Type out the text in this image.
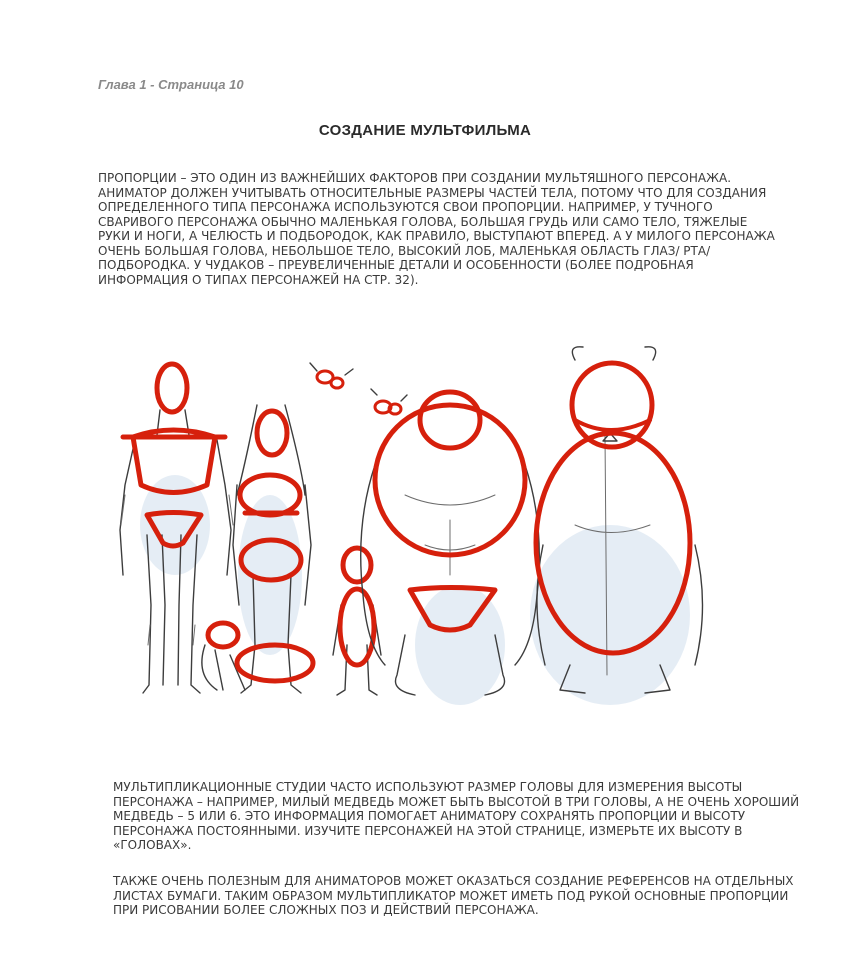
Глава 1 - Страница 10
СОЗДАНИЕ МУЛЬТФИЛЬМА
ПРОПОРЦИИ – ЭТО ОДИН ИЗ ВАЖНЕЙШИХ ФАКТОРОВ ПРИ СОЗДАНИИ МУЛЬТЯШНОГО ПЕРСОНАЖА. АНИМАТОР ДОЛЖЕН УЧИТЫВАТЬ ОТНОСИТЕЛЬНЫЕ РАЗМЕРЫ ЧАСТЕЙ ТЕЛА, ПОТОМУ ЧТО ДЛЯ СОЗДАНИЯ ОПРЕДЕЛЕННОГО ТИПА ПЕРСОНАЖА ИСПОЛЬЗУЮТСЯ СВОИ ПРОПОРЦИИ. НАПРИМЕР, У ТУЧНОГО СВАРИВОГО ПЕРСОНАЖА ОБЫЧНО МАЛЕНЬКАЯ ГОЛОВА, БОЛЬШАЯ ГРУДЬ ИЛИ САМО ТЕЛО, ТЯЖЕЛЫЕ РУКИ И НОГИ, А ЧЕЛЮСТЬ И ПОДБОРОДОК, КАК ПРАВИЛО, ВЫСТУПАЮТ ВПЕРЕД. А У МИЛОГО ПЕРСОНАЖА ОЧЕНЬ БОЛЬШАЯ ГОЛОВА, НЕБОЛЬШОЕ ТЕЛО, ВЫСОКИЙ ЛОБ, МАЛЕНЬКАЯ ОБЛАСТЬ ГЛАЗ/ РТА/ПОДБОРОДКА. У ЧУДАКОВ – ПРЕУВЕЛИЧЕННЫЕ ДЕТАЛИ И ОСОБЕННОСТИ (БОЛЕЕ ПОДРОБНАЯ ИНФОРМАЦИЯ О ТИПАХ ПЕРСОНАЖЕЙ НА СТР. 32).
МУЛЬТИПЛИКАЦИОННЫЕ СТУДИИ ЧАСТО ИСПОЛЬЗУЮТ РАЗМЕР ГОЛОВЫ ДЛЯ ИЗМЕРЕНИЯ ВЫСОТЫ ПЕРСОНАЖА – НАПРИМЕР, МИЛЫЙ МЕДВЕДЬ МОЖЕТ БЫТЬ ВЫСОТОЙ В ТРИ ГОЛОВЫ, А НЕ ОЧЕНЬ ХОРОШИЙ МЕДВЕДЬ – 5 ИЛИ 6. ЭТО ИНФОРМАЦИЯ ПОМОГАЕТ АНИМАТОРУ СОХРАНЯТЬ ПРОПОРЦИИ И ВЫСОТУ ПЕРСОНАЖА ПОСТОЯННЫМИ. ИЗУЧИТЕ ПЕРСОНАЖЕЙ НА ЭТОЙ СТРАНИЦЕ, ИЗМЕРЬТЕ ИХ ВЫСОТУ В «ГОЛОВАХ».
ТАКЖЕ ОЧЕНЬ ПОЛЕЗНЫМ ДЛЯ АНИМАТОРОВ МОЖЕТ ОКАЗАТЬСЯ СОЗДАНИЕ РЕФЕРЕНСОВ НА ОТДЕЛЬНЫХ ЛИСТАХ БУМАГИ. ТАКИМ ОБРАЗОМ МУЛЬТИПЛИКАТОР МОЖЕТ ИМЕТЬ ПОД РУКОЙ ОСНОВНЫЕ ПРОПОРЦИИ ПРИ РИСОВАНИИ БОЛЕЕ СЛОЖНЫХ ПОЗ И ДЕЙСТВИЙ ПЕРСОНАЖА.
